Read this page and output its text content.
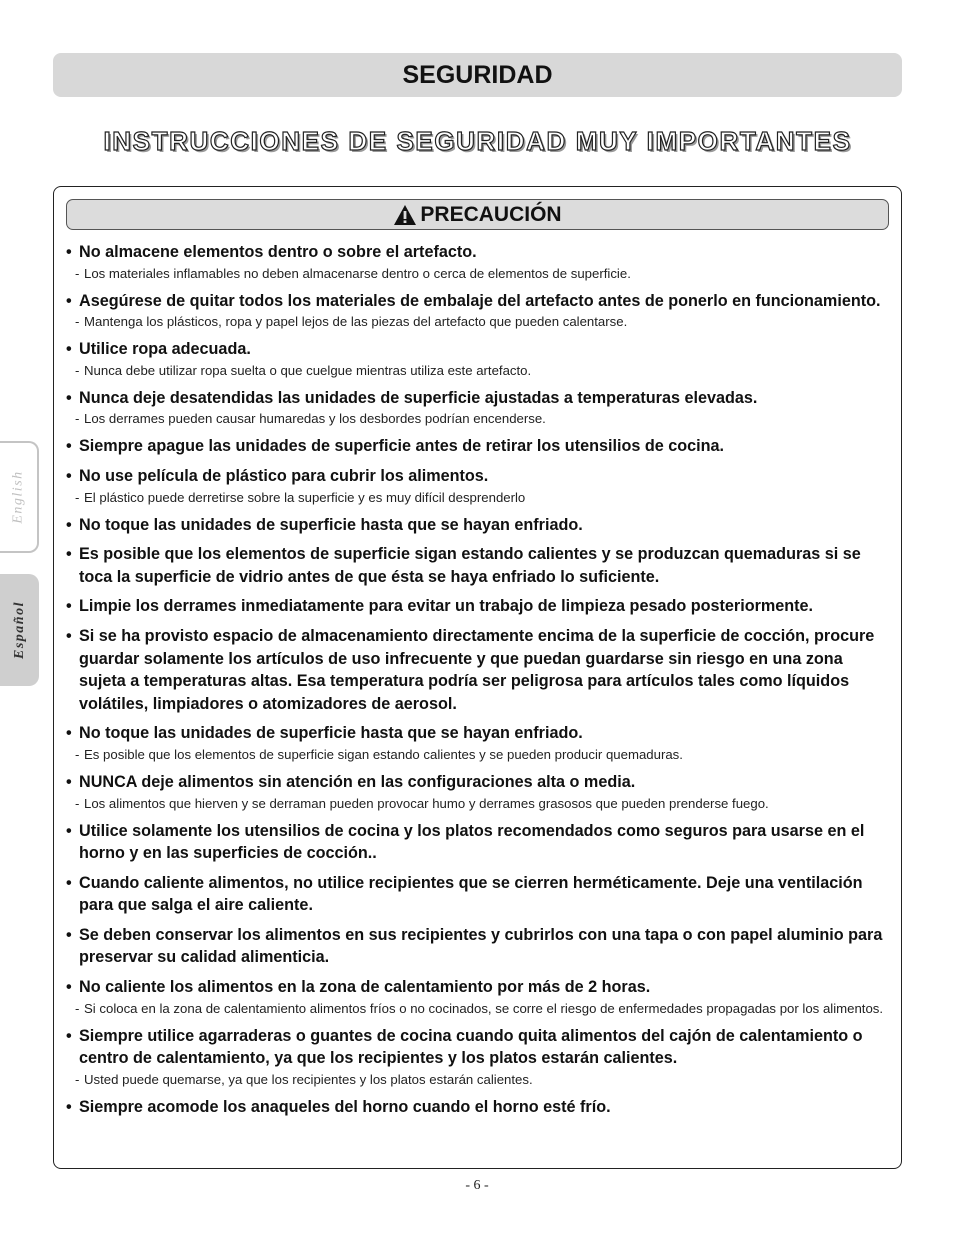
SEGURIDAD
INSTRUCCIONES DE SEGURIDAD MUY IMPORTANTES
PRECAUCIÓN
• No almacene elementos dentro o sobre el artefacto.
- Los materiales inflamables no deben almacenarse dentro o cerca de elementos de superficie.
• Asegúrese de quitar todos los materiales de embalaje del artefacto antes de ponerlo en funcionamiento.
- Mantenga los plásticos, ropa y papel lejos de las piezas del artefacto que pueden calentarse.
• Utilice ropa adecuada.
- Nunca debe utilizar ropa suelta o que cuelgue mientras utiliza este artefacto.
• Nunca deje desatendidas las unidades de superficie ajustadas a temperaturas elevadas.
- Los derrames pueden causar humaredas y los desbordes podrían encenderse.
• Siempre apague las unidades de superficie antes de retirar los utensilios de cocina.
• No use película de plástico para cubrir los alimentos.
- El plástico puede derretirse sobre la superficie y es muy difícil desprenderlo
• No toque las unidades de superficie hasta que se hayan enfriado.
• Es posible que los elementos de superficie sigan estando calientes y se produzcan quemaduras si se toca la superficie de vidrio antes de que ésta se haya enfriado lo suficiente.
• Limpie los derrames inmediatamente para evitar un trabajo de limpieza pesado posteriormente.
• Si se ha provisto espacio de almacenamiento directamente encima de la superficie de cocción, procure guardar solamente los artículos de uso infrecuente y que puedan guardarse sin riesgo en una zona sujeta a temperaturas altas. Esa temperatura podría ser peligrosa para artículos tales como líquidos volátiles, limpiadores o atomizadores de aerosol.
• No toque las unidades de superficie hasta que se hayan enfriado.
- Es posible que los elementos de superficie sigan estando calientes y se pueden producir quemaduras.
• NUNCA deje alimentos sin atención en las configuraciones alta o media.
- Los alimentos que hierven y se derraman pueden provocar humo y derrames grasosos que pueden prenderse fuego.
• Utilice solamente los utensilios de cocina y los platos recomendados como seguros para usarse en el horno y en las superficies de cocción..
• Cuando caliente alimentos, no utilice recipientes que se cierren herméticamente. Deje una ventilación para que salga el aire caliente.
• Se deben conservar los alimentos en sus recipientes y cubrirlos con una tapa o con papel aluminio para preservar su calidad alimenticia.
• No caliente los alimentos en la zona de calentamiento por más de 2 horas.
- Si coloca en la zona de calentamiento alimentos fríos o no cocinados, se corre el riesgo de enfermedades propagadas por los alimentos.
• Siempre utilice agarraderas o guantes de cocina cuando quita alimentos del cajón de calentamiento o centro de calentamiento, ya que los recipientes y los platos estarán calientes.
- Usted puede quemarse, ya que los recipientes y los platos estarán calientes.
• Siempre acomode los anaqueles del horno cuando el horno esté frío.
English
Español
- 6 -
